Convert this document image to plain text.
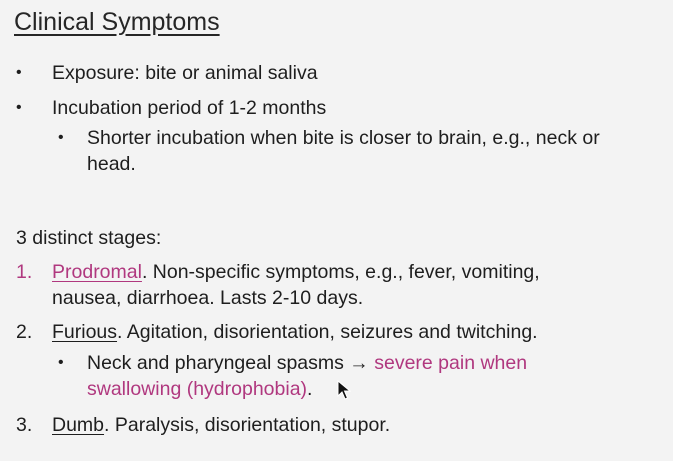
Clinical Symptoms
• Exposure: bite or animal saliva
• Incubation period of 1-2 months
• Shorter incubation when bite is closer to brain, e.g., neck or
head.
3 distinct stages:
1. Prodromal. Non-specific symptoms, e.g., fever, vomiting,
nausea, diarrhoea. Lasts 2-10 days.
2. Furious. Agitation, disorientation, seizures and twitching.
• Neck and pharyngeal spasms → severe pain when
swallowing (hydrophobia).
3. Dumb. Paralysis, disorientation, stupor.
